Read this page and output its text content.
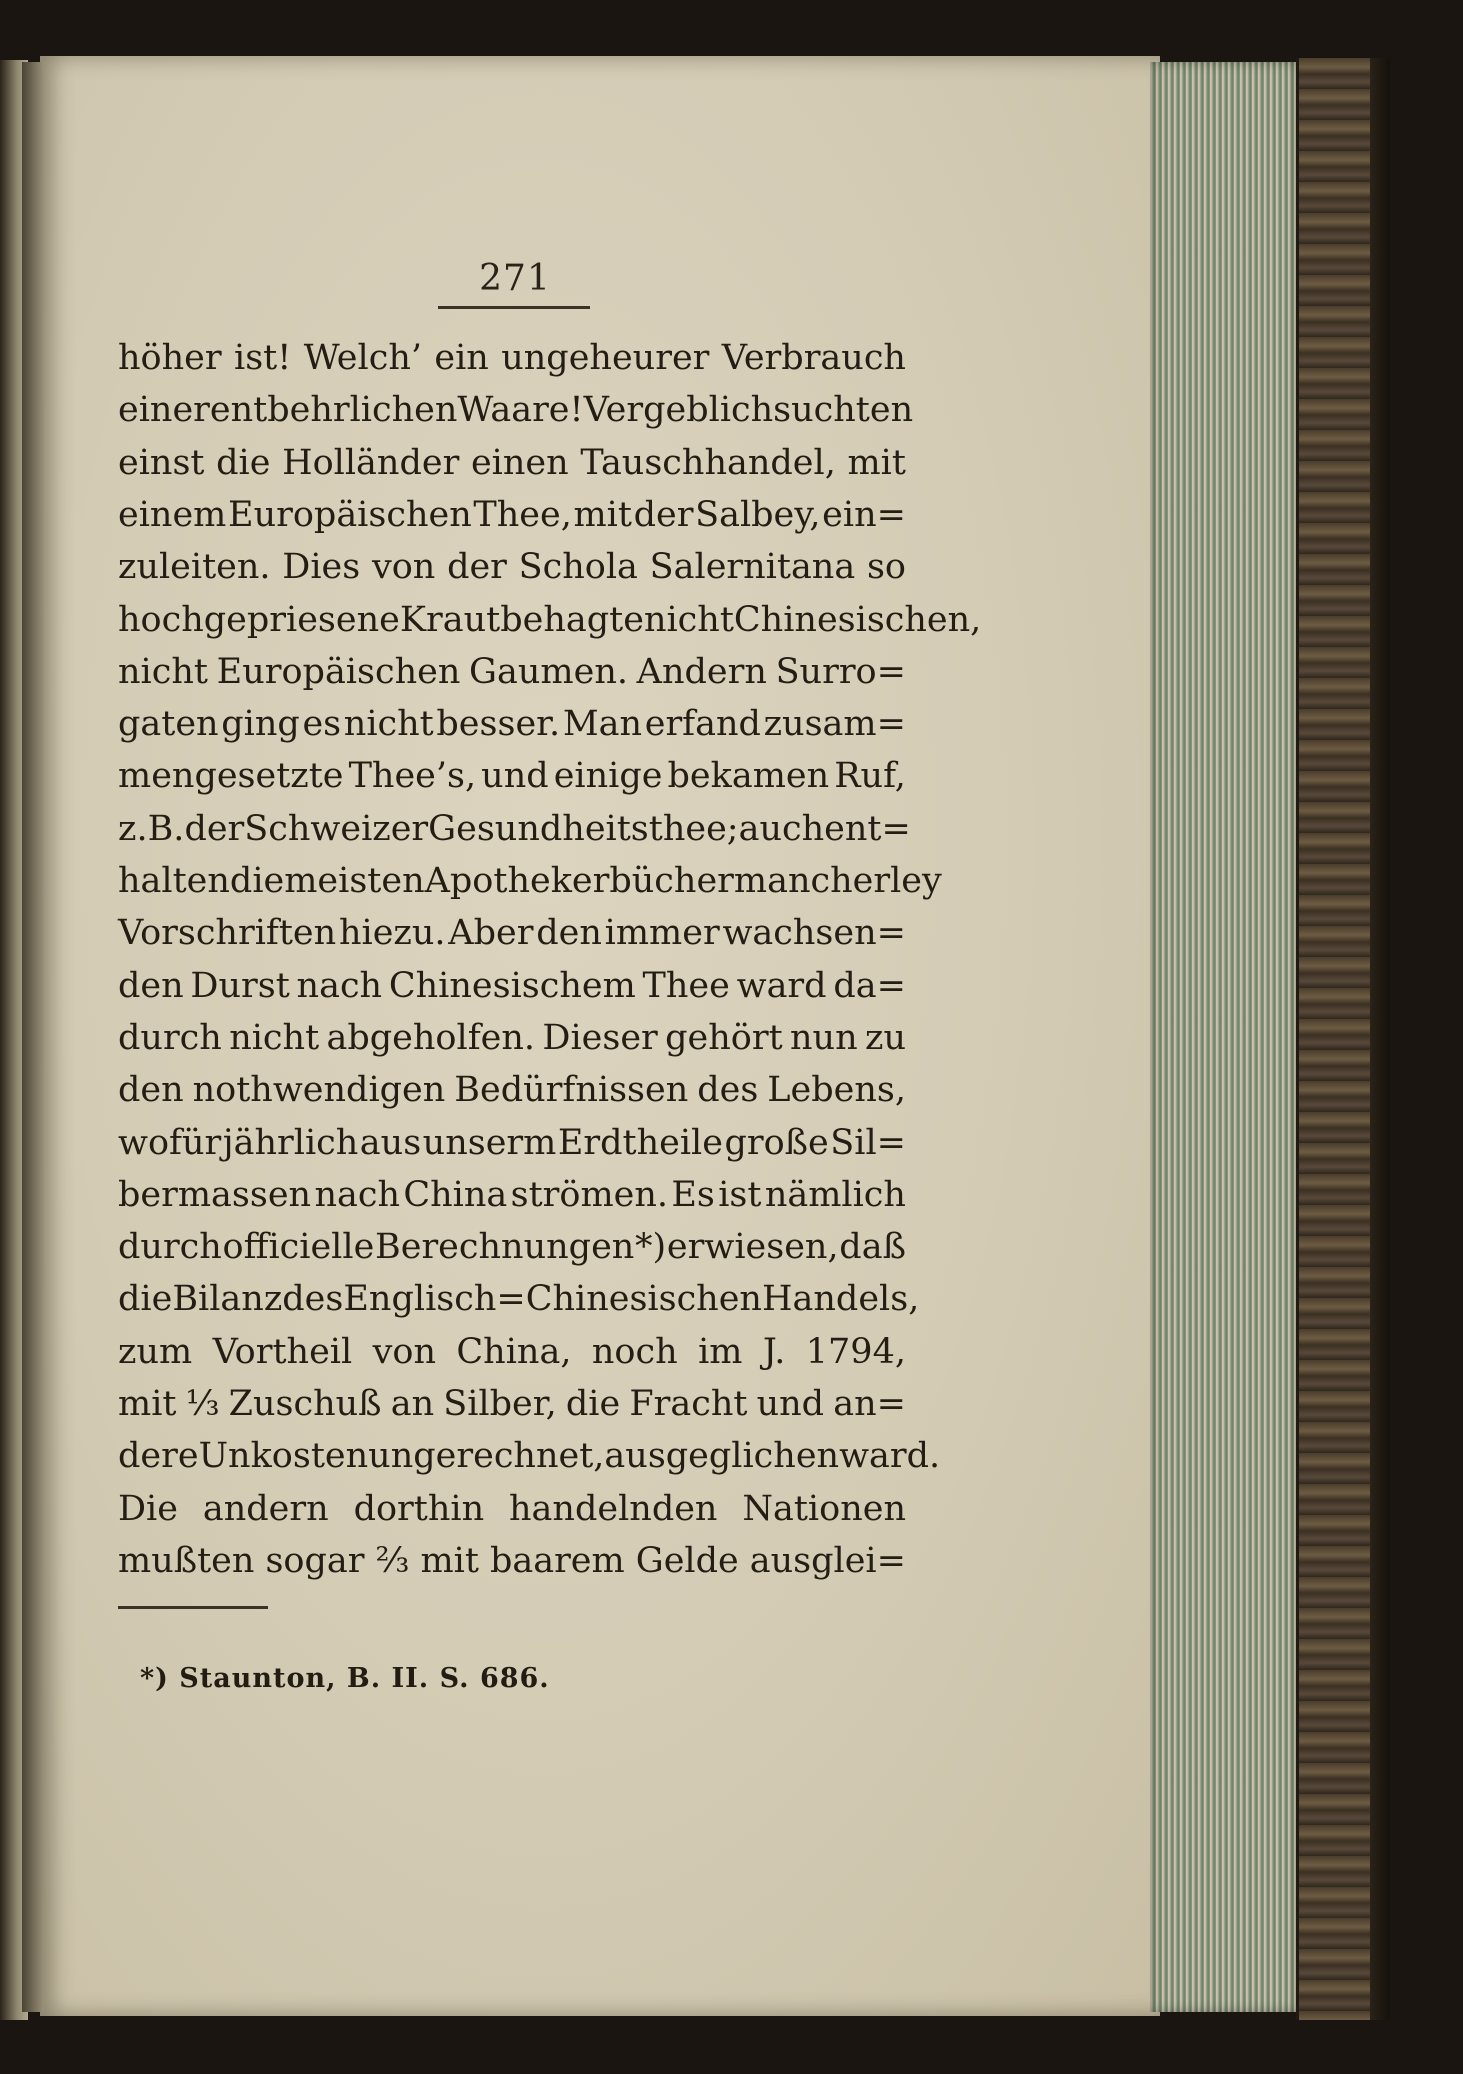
271
höher ist! Welch’ ein ungeheurer Verbrauch
einer entbehrlichen Waare! Vergeblich suchten
einst die Holländer einen Tauschhandel, mit
einem Europäischen Thee, mit der Salbey, ein=
zuleiten. Dies von der Schola Salernitana so
hochgepriesene Kraut behagte nicht Chinesischen,
nicht Europäischen Gaumen. Andern Surro=
gaten ging es nicht besser. Man erfand zusam=
mengesetzte Thee’s, und einige bekamen Ruf,
z. B. der Schweizer Gesundheitsthee; auch ent=
halten die meisten Apothekerbücher mancherley
Vorschriften hiezu. Aber den immer wachsen=
den Durst nach Chinesischem Thee ward da=
durch nicht abgeholfen. Dieser gehört nun zu
den nothwendigen Bedürfnissen des Lebens,
wofür jährlich aus unserm Erdtheile große Sil=
bermassen nach China strömen. Es ist nämlich
durch officielle Berechnungen *) erwiesen, daß
die Bilanz des Englisch=Chinesischen Handels,
zum Vortheil von China, noch im J. 1794,
mit ⅓ Zuschuß an Silber, die Fracht und an=
dere Unkosten ungerechnet, ausgeglichen ward.
Die andern dorthin handelnden Nationen
mußten sogar ⅔ mit baarem Gelde ausglei=
*) Staunton, B. II. S. 686.
